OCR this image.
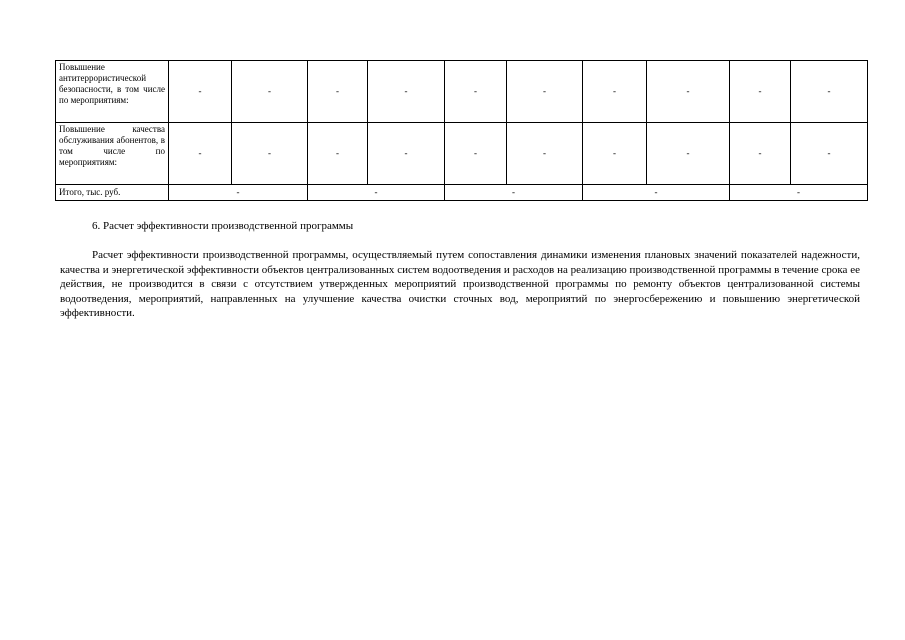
Повышение антитеррористической безопасности, в том числе по мероприятиям:	-	-	-	-	-	-	-	-	-	-
Повышение качества обслуживания абонентов, в том числе по мероприятиям:	-	-	-	-	-	-	-	-	-	-
Итого, тыс. руб.	-		-		-		-		-	
6. Расчет эффективности производственной программы

Расчет эффективности производственной программы, осуществляемый путем сопоставления динамики изменения плановых значений показателей надежности, качества и энергетической эффективности объектов централизованных систем водоотведения и расходов на реализацию производственной программы в течение срока ее действия, не производится в связи с отсутствием утвержденных мероприятий производственной программы по ремонту объектов централизованной системы водоотведения, мероприятий, направленных на улучшение качества очистки сточных вод, мероприятий по энергосбережению и повышению энергетической эффективности.
